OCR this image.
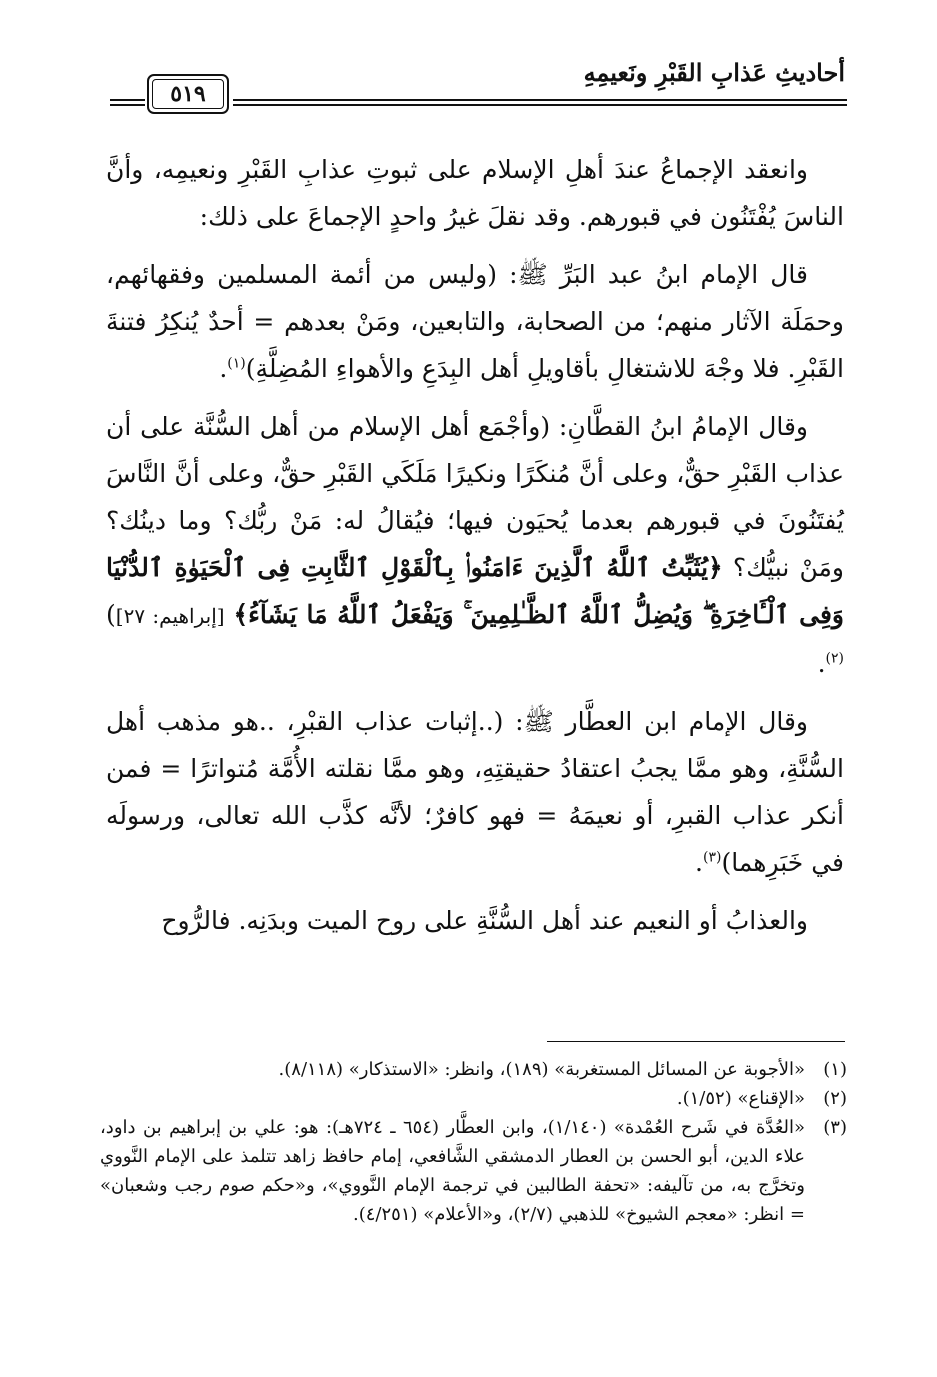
أحاديثِ عَذابِ القَبْرِ ونَعيمِهِ
٥١٩

وانعقد الإجماعُ عندَ أهلِ الإسلام على ثبوتِ عذابِ القَبْرِ ونعيمِه، وأنَّ الناسَ يُفْتَنُون في قبورهم. وقد نقلَ غيرُ واحدٍ الإجماعَ على ذلك:

قال الإمام ابنُ عبد البَرِّ ﷺ: (وليس من أئمة المسلمين وفقهائهم، وحمَلَة الآثار منهم؛ من الصحابة، والتابعين، ومَنْ بعدهم = أحدٌ يُنكِرُ فتنةَ القَبْرِ. فلا وجْهَ للاشتغالِ بأقاويلِ أهل البِدَعِ والأهواءِ المُضِلَّةِ)$^{(١)}$.

وقال الإمامُ ابنُ القطَّانِ: (وأجْمَع أهل الإسلام من أهل السُّنَّة على أن عذاب القَبْرِ حقٌّ، وعلى أنَّ مُنكَرًا ونكيرًا مَلَكَي القَبْرِ حقٌّ، وعلى أنَّ النَّاسَ يُفتَنُونَ في قبورهم بعدما يُحيَون فيها؛ فيُقالُ له: مَنْ ربُّك؟ وما دينُك؟ ومَنْ نبيُّك؟ ﴿يُثَبِّتُ ٱللَّهُ ٱلَّذِينَ ءَامَنُوا۟ بِٱلْقَوْلِ ٱلثَّابِتِ فِى ٱلْحَيَوٰةِ ٱلدُّنْيَا وَفِى ٱلْـَٔاخِرَةِ ۖ وَيُضِلُّ ٱللَّهُ ٱلظَّـٰلِمِينَ ۚ وَيَفْعَلُ ٱللَّهُ مَا يَشَآءُ﴾ [إبراهيم: ٢٧])$^{(٢)}$.

وقال الإمام ابن العطَّار ﷺ: (..إثبات عذاب القبْرِ، ..هو مذهب أهل السُّنَّةِ، وهو ممَّا يجبُ اعتقادُ حقيقتِهِ، وهو ممَّا نقلته الأُمَّة مُتواترًا = فمن أنكر عذاب القبرِ، أو نعيمَهُ = فهو كافرٌ؛ لأنَّه كذَّب الله تعالى، ورسولَه في خَبَرِهما)$^{(٣)}$.

والعذابُ أو النعيم عند أهل السُّنَّةِ على روح الميت وبدَنِه. فالرُّوح

(١)
«الأجوبة عن المسائل المستغربة» (١٨٩)، وانظر: «الاستذكار» (٨/١١٨).
(٢)
«الإقناع» (١/٥٢).
(٣)
«العُدَّة في شَرح العُمْدة» (١/١٤٠)، وابن العطَّار (٦٥٤ ـ ٧٢٤هـ): هو: علي بن إبراهيم بن داود، علاء الدين، أبو الحسن بن العطار الدمشقي الشَّافعي، إمام حافظ زاهد تتلمذ على الإمام النَّووي وتخرَّج به، من تآليفه: «تحفة الطالبين في ترجمة الإمام النَّووي»، و«حكم صوم رجب وشعبان» = انظر: «معجم الشيوخ» للذهبي (٢/٧)، و«الأعلام» (٤/٢٥١).
